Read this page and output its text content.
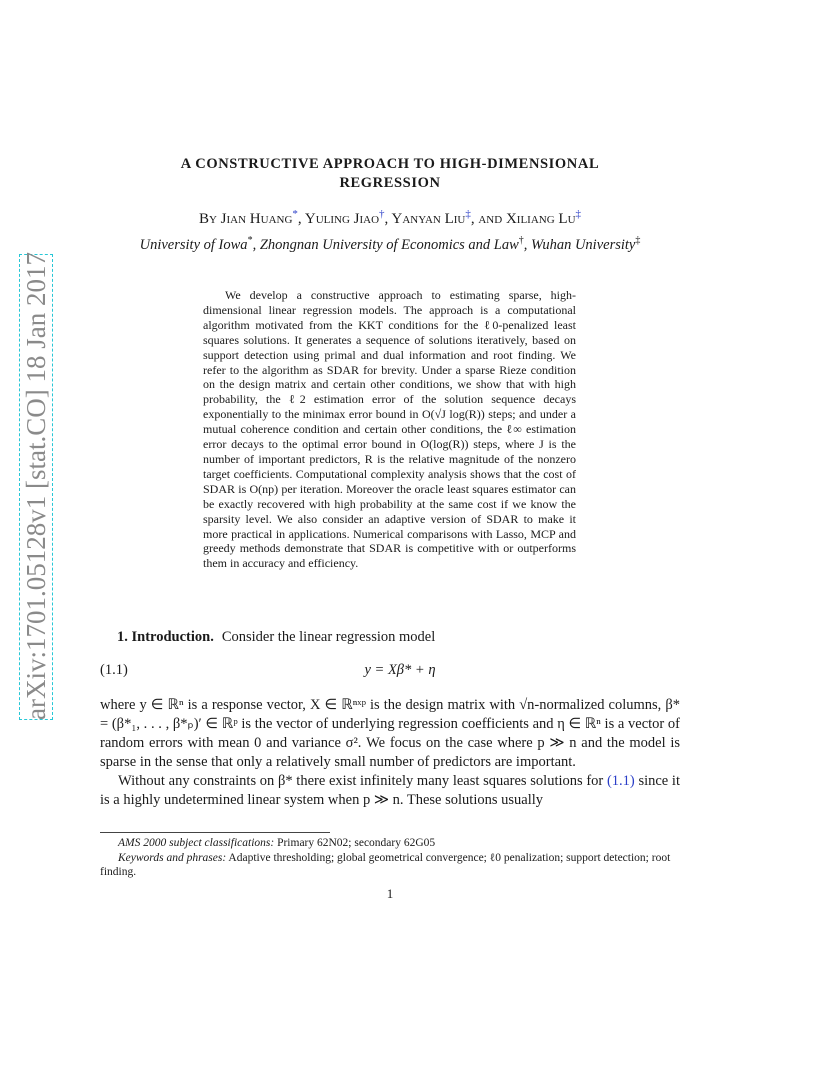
arXiv:1701.05128v1 [stat.CO] 18 Jan 2017
A CONSTRUCTIVE APPROACH TO HIGH-DIMENSIONAL
REGRESSION
By Jian Huang*, Yuling Jiao†, Yanyan Liu‡, and Xiliang Lu‡
University of Iowa*, Zhongnan University of Economics and Law†, Wuhan University‡

We develop a constructive approach to estimating sparse, high-dimensional linear regression models. The approach is a computational algorithm motivated from the KKT conditions for the ℓ0-penalized least squares solutions. It generates a sequence of solutions iteratively, based on support detection using primal and dual information and root finding. We refer to the algorithm as SDAR for brevity. Under a sparse Rieze condition on the design matrix and certain other conditions, we show that with high probability, the ℓ2 estimation error of the solution sequence decays exponentially to the minimax error bound in O(√J log(R)) steps; and under a mutual coherence condition and certain other conditions, the ℓ∞ estimation error decays to the optimal error bound in O(log(R)) steps, where J is the number of important predictors, R is the relative magnitude of the nonzero target coefficients. Computational complexity analysis shows that the cost of SDAR is O(np) per iteration. Moreover the oracle least squares estimator can be exactly recovered with high probability at the same cost if we know the sparsity level. We also consider an adaptive version of SDAR to make it more practical in applications. Numerical comparisons with Lasso, MCP and greedy methods demonstrate that SDAR is competitive with or outperforms them in accuracy and efficiency.

1. Introduction. Consider the linear regression model
(1.1)	y = Xβ* + η

where y ∈ ℝⁿ is a response vector, X ∈ ℝⁿˣᵖ is the design matrix with √n-normalized columns, β* = (β*₁, . . . , β*ₚ)′ ∈ ℝᵖ is the vector of underlying regression coefficients and η ∈ ℝⁿ is a vector of random errors with mean 0 and variance σ². We focus on the case where p ≫ n and the model is sparse in the sense that only a relatively small number of predictors are important.

Without any constraints on β* there exist infinitely many least squares solutions for (1.1) since it is a highly undetermined linear system when p ≫ n. These solutions usually

AMS 2000 subject classifications: Primary 62N02; secondary 62G05

Keywords and phrases: Adaptive thresholding; global geometrical convergence; ℓ0 penalization; support detection; root finding.

1
